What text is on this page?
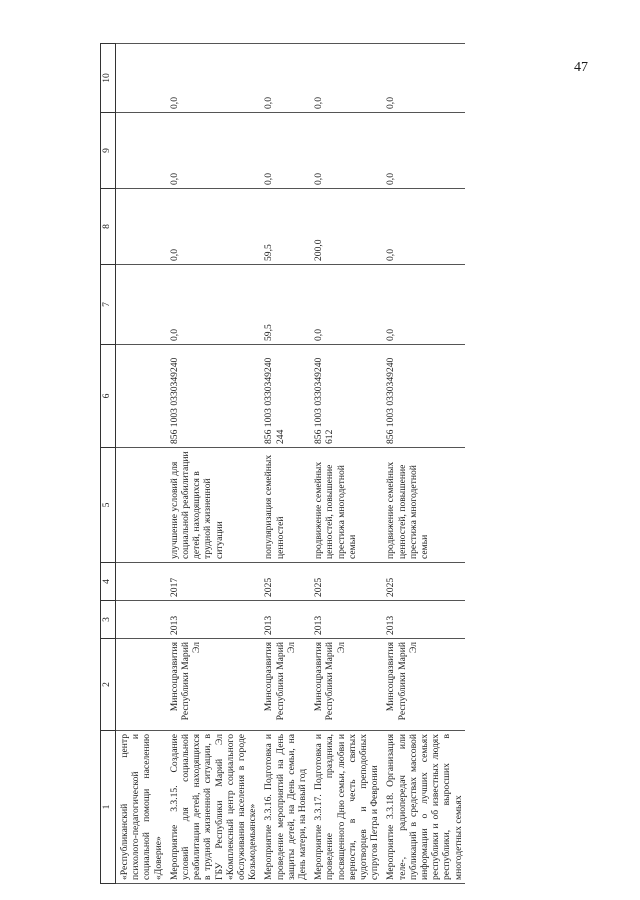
47
1	2	3	4	5	6	7	8	9	10
«Республиканский центр психолого-педагогической и социальной помощи населению «Доверие»									
Мероприятие 3.3.15. Создание условий для социальной реабилитации детей, находящихся в трудной жизненной ситуации, в ГБУ Республики Марий Эл «Комплексный центр социального обслуживания населения в городе Козьмодемьянске»	Минсоцразвития Республики Марий Эл	2013	2017	улучшение условий для социальной реабилитации детей, находящихся в трудной жизненной ситуации	856 1003 0330349240	0,0	0,0	0,0	0,0
Мероприятие 3.3.16. Подготовка и проведение мероприятий на День защиты детей, на День семьи, на День матери, на Новый год	Минсоцразвития Республики Марий Эл	2013	2025	популяризация семейных ценностей	856 1003 0330349240 244	59,5	59,5	0,0	0,0
Мероприятие 3.3.17. Подготовка и проведение праздника, посвященного Дню семьи, любви и верности, в честь святых чудотворцев и преподобных супругов Петра и Февронии	Минсоцразвития Республики Марий Эл	2013	2025	продвижение семейных ценностей, повышение престижа многодетной семьи	856 1003 0330349240 612	0,0	200,0	0,0	0,0
Мероприятие 3.3.18. Организация теле-, радиопередач или публикаций в средствах массовой информации о лучших семьях республики и об известных людях республики, выросших в многодетных семьях	Минсоцразвития Республики Марий Эл	2013	2025	продвижение семейных ценностей, повышение престижа многодетной семьи	856 1003 0330349240	0,0	0,0	0,0	0,0
